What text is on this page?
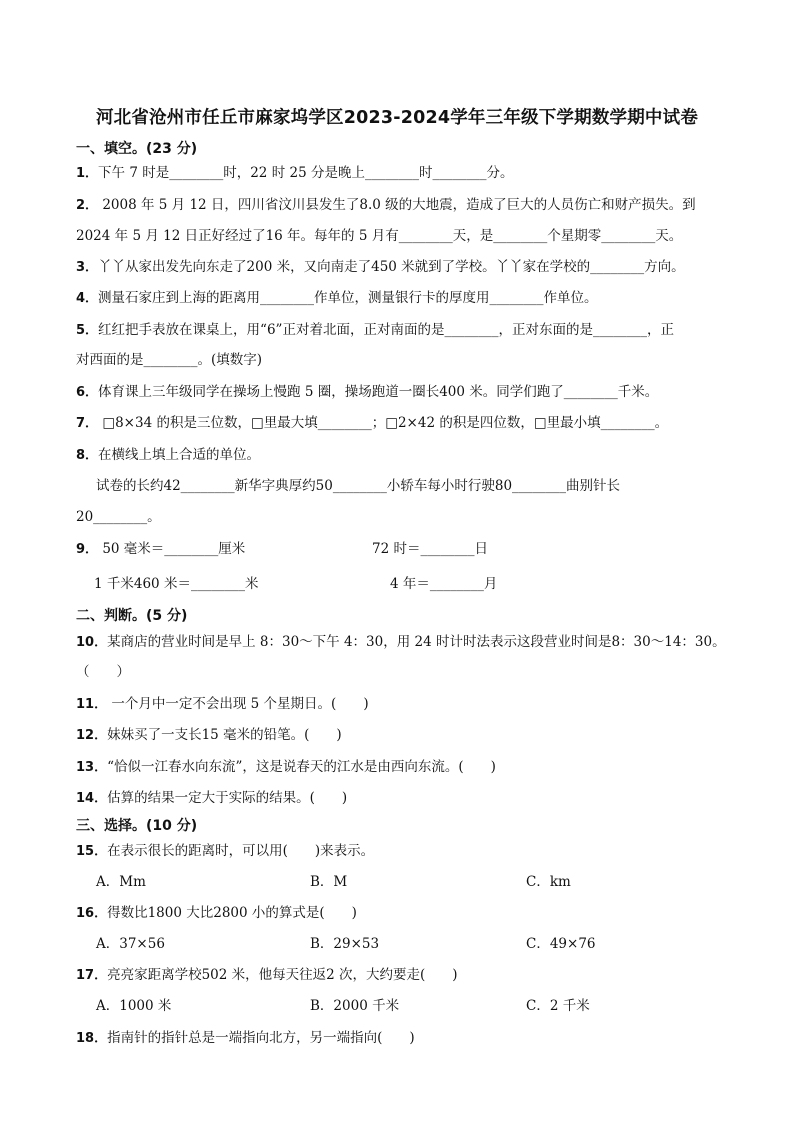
河北省沧州市任丘市麻家坞学区2023-2024学年三年级下学期数学期中试卷
一、填空。(23 分)
1．下午 7 时是________时，22 时 25 分是晚上________时________分。
2． 2008 年 5 月 12 日，四川省汶川县发生了8.0 级的大地震，造成了巨大的人员伤亡和财产损失。到
2024 年 5 月 12 日正好经过了16 年。每年的 5 月有________天，是________个星期零________天。
3．丫丫从家出发先向东走了200 米，又向南走了450 米就到了学校。丫丫家在学校的________方向。
4．测量石家庄到上海的距离用________作单位，测量银行卡的厚度用________作单位。
5．红红把手表放在课桌上，用“6”正对着北面，正对南面的是________，正对东面的是________，正
对西面的是________。(填数字)
6．体育课上三年级同学在操场上慢跑 5 圈，操场跑道一圈长400 米。同学们跑了________千米。
7． □8×34 的积是三位数，□里最大填________；□2×42 的积是四位数，□里最小填________。
8．在横线上填上合适的单位。
试卷的长约42________新华字典厚约50________小轿车每小时行驶80________曲别针长
20________。
9． 50 毫米＝________厘米	72 时＝________日
1 千米460 米＝________米	4 年＝________月
二、判断。(5 分)
10．某商店的营业时间是早上 8：30～下午 4：30，用 24 时计时法表示这段营业时间是8：30～14：30。
（　　）
11． 一个月中一定不会出现 5 个星期日。(　　)
12．妹妹买了一支长15 毫米的铅笔。(　　)
13．“恰似一江春水向东流”，这是说春天的江水是由西向东流。(　　)
14．估算的结果一定大于实际的结果。(　　)
三、选择。(10 分)
15．在表示很长的距离时，可以用(　　)来表示。
A．Mm	B．M	C．km
16．得数比1800 大比2800 小的算式是(　　)
A．37×56	B．29×53	C．49×76
17．亮亮家距离学校502 米，他每天往返2 次，大约要走(　　)
A．1000 米	B．2000 千米	C．2 千米
18．指南针的指针总是一端指向北方，另一端指向(　　)
